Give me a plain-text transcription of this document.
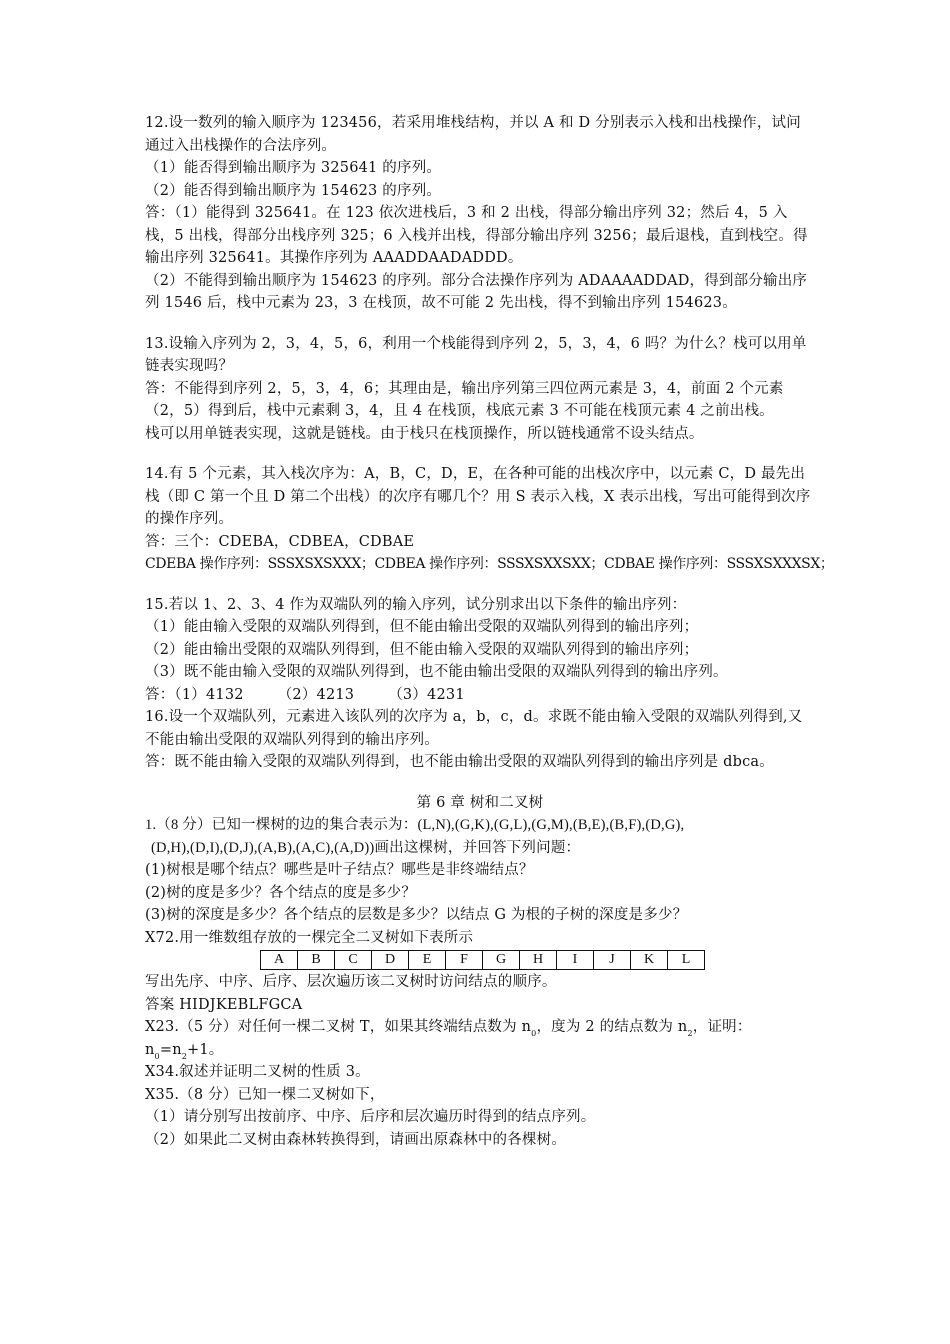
12.设一数列的输入顺序为 123456，若采用堆栈结构，并以 A 和 D 分别表示入栈和出栈操作，试问通过入出栈操作的合法序列。
（1）能否得到输出顺序为 325641 的序列。
（2）能否得到输出顺序为 154623 的序列。
答：（1）能得到 325641。在 123 依次进栈后，3 和 2 出栈，得部分输出序列 32；然后 4，5 入栈，5 出栈，得部分出栈序列 325；6 入栈并出栈，得部分输出序列 3256；最后退栈，直到栈空。得输出序列 325641。其操作序列为 AAADDAADADDD。
（2）不能得到输出顺序为 154623 的序列。部分合法操作序列为 ADAAAADDAD，得到部分输出序列 1546 后，栈中元素为 23，3 在栈顶，故不可能 2 先出栈，得不到输出序列 154623。
13.设输入序列为 2，3，4，5，6，利用一个栈能得到序列 2，5，3，4，6 吗？为什么？栈可以用单链表实现吗？
答：不能得到序列 2，5，3，4，6；其理由是，输出序列第三四位两元素是 3，4，前面 2 个元素（2，5）得到后，栈中元素剩 3，4，且 4 在栈顶，栈底元素 3 不可能在栈顶元素 4 之前出栈。
栈可以用单链表实现，这就是链栈。由于栈只在栈顶操作，所以链栈通常不设头结点。
14.有 5 个元素，其入栈次序为：A，B，C，D，E，在各种可能的出栈次序中，以元素 C，D 最先出栈（即 C 第一个且 D 第二个出栈）的次序有哪几个？用 S 表示入栈，X 表示出栈，写出可能得到次序的操作序列。
答：三个：CDEBA，CDBEA，CDBAE
CDEBA 操作序列：SSSXSXSXXX；CDBEA 操作序列：SSSXSXXSXX；CDBAE 操作序列：SSSXSXXXSX；
15.若以 1、2、3、4 作为双端队列的输入序列，试分别求出以下条件的输出序列：
（1）能由输入受限的双端队列得到，但不能由输出受限的双端队列得到的输出序列；
（2）能由输出受限的双端队列得到，但不能由输入受限的双端队列得到的输出序列；
（3）既不能由输入受限的双端队列得到，也不能由输出受限的双端队列得到的输出序列。
答：（1）4132 （2）4213 （3）4231
16.设一个双端队列，元素进入该队列的次序为 a，b，c，d。求既不能由输入受限的双端队列得到,又不能由输出受限的双端队列得到的输出序列。
答：既不能由输入受限的双端队列得到，也不能由输出受限的双端队列得到的输出序列是 dbca。
第 6 章 树和二叉树
1.（8 分）已知一棵树的边的集合表示为：(L,N),(G,K),(G,L),(G,M),(B,E),(B,F),(D,G),
(D,H),(D,I),(D,J),(A,B),(A,C),(A,D))画出这棵树，并回答下列问题：
(1)树根是哪个结点？哪些是叶子结点？哪些是非终端结点？
(2)树的度是多少？各个结点的度是多少？
(3)树的深度是多少？各个结点的层数是多少？以结点 G 为根的子树的深度是多少？
X72.用一维数组存放的一棵完全二叉树如下表所示
A	B	C	D	E	F	G	H	I	J	K	L
写出先序、中序、后序、层次遍历该二叉树时访问结点的顺序。
答案 HIDJKEBLFGCA
X23.（5 分）对任何一棵二叉树 T，如果其终端结点数为 $n_0$，度为 2 的结点数为 $n_2$，证明：
$n_0=n_2+1$。
X34.叙述并证明二叉树的性质 3。
X35.（8 分）已知一棵二叉树如下，
（1）请分别写出按前序、中序、后序和层次遍历时得到的结点序列。
（2）如果此二叉树由森林转换得到，请画出原森林中的各棵树。
